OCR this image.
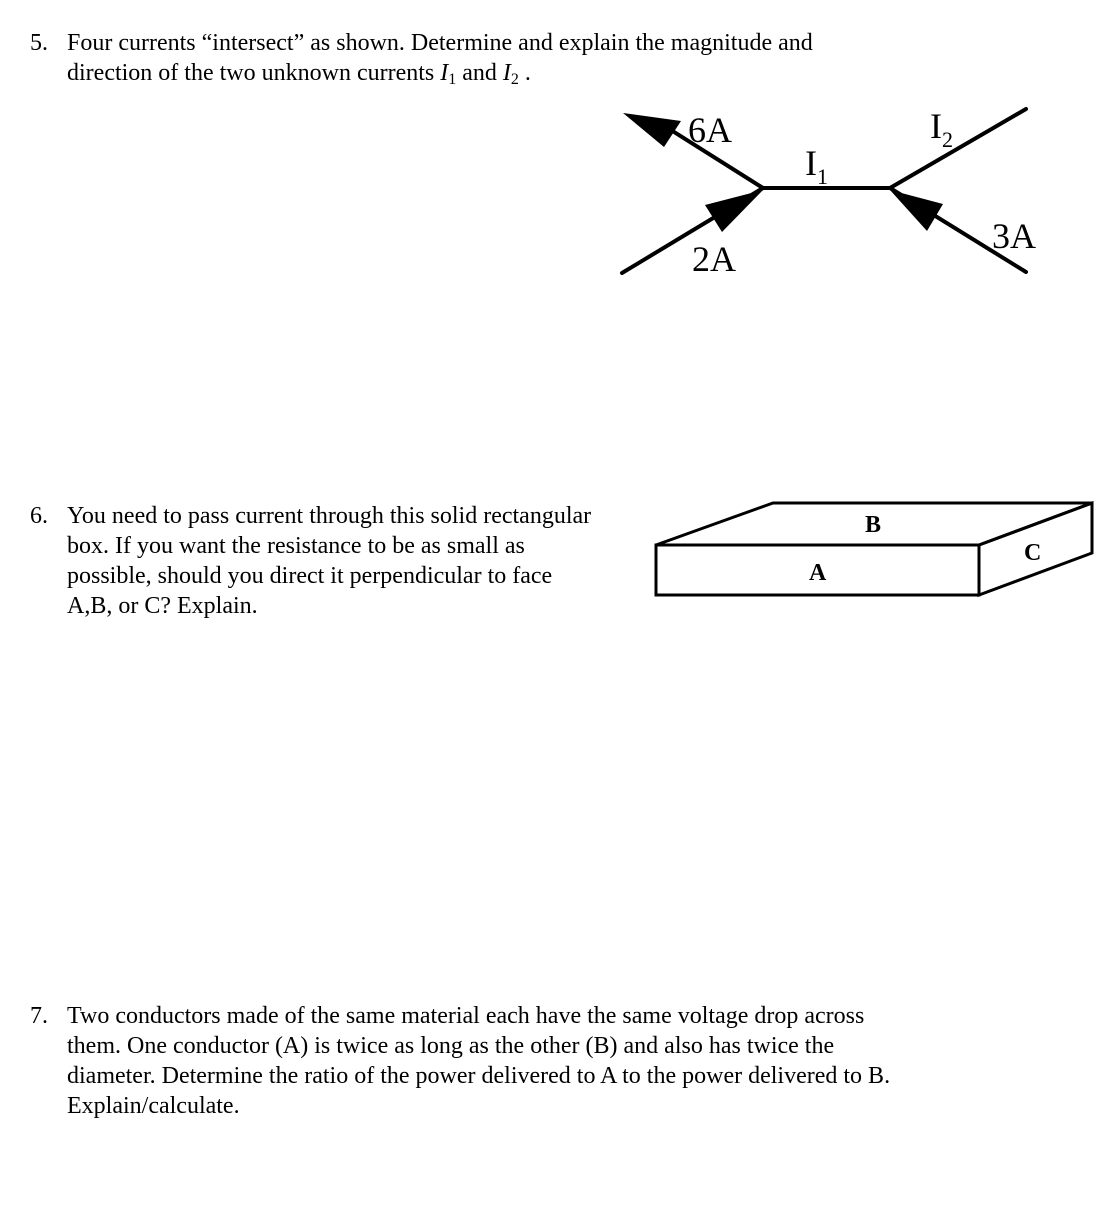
5. Four currents “intersect” as shown. Determine and explain the magnitude and

direction of the two unknown currents $I_1$ and $I_2$ .

6A
2A
3A
$I_1$
$I_2$
6. You need to pass current through this solid rectangular

box. If you want the resistance to be as small as

possible, should you direct it perpendicular to face

A,B, or C? Explain.

B
A
C
7. Two conductors made of the same material each have the same voltage drop across

them. One conductor (A) is twice as long as the other (B) and also has twice the

diameter. Determine the ratio of the power delivered to A to the power delivered to B.

Explain/calculate.
